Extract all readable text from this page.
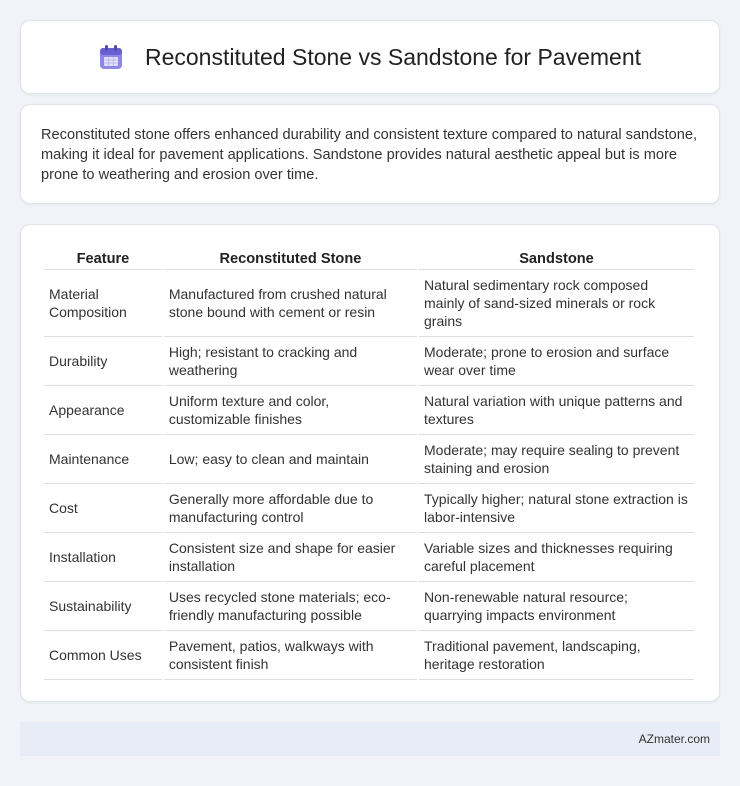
Reconstituted Stone vs Sandstone for Pavement

Reconstituted stone offers enhanced durability and consistent texture compared to natural sandstone, making it ideal for pavement applications. Sandstone provides natural aesthetic appeal but is more prone to weathering and erosion over time.

Feature	Reconstituted Stone	Sandstone
Material Composition	Manufactured from crushed natural stone bound with cement or resin	Natural sedimentary rock composed mainly of sand-sized minerals or rock grains
Durability	High; resistant to cracking and weathering	Moderate; prone to erosion and surface wear over time
Appearance	Uniform texture and color, customizable finishes	Natural variation with unique patterns and textures
Maintenance	Low; easy to clean and maintain	Moderate; may require sealing to prevent staining and erosion
Cost	Generally more affordable due to manufacturing control	Typically higher; natural stone extraction is labor-intensive
Installation	Consistent size and shape for easier installation	Variable sizes and thicknesses requiring careful placement
Sustainability	Uses recycled stone materials; eco-friendly manufacturing possible	Non-renewable natural resource; quarrying impacts environment
Common Uses	Pavement, patios, walkways with consistent finish	Traditional pavement, landscaping, heritage restoration
AZmater.com
